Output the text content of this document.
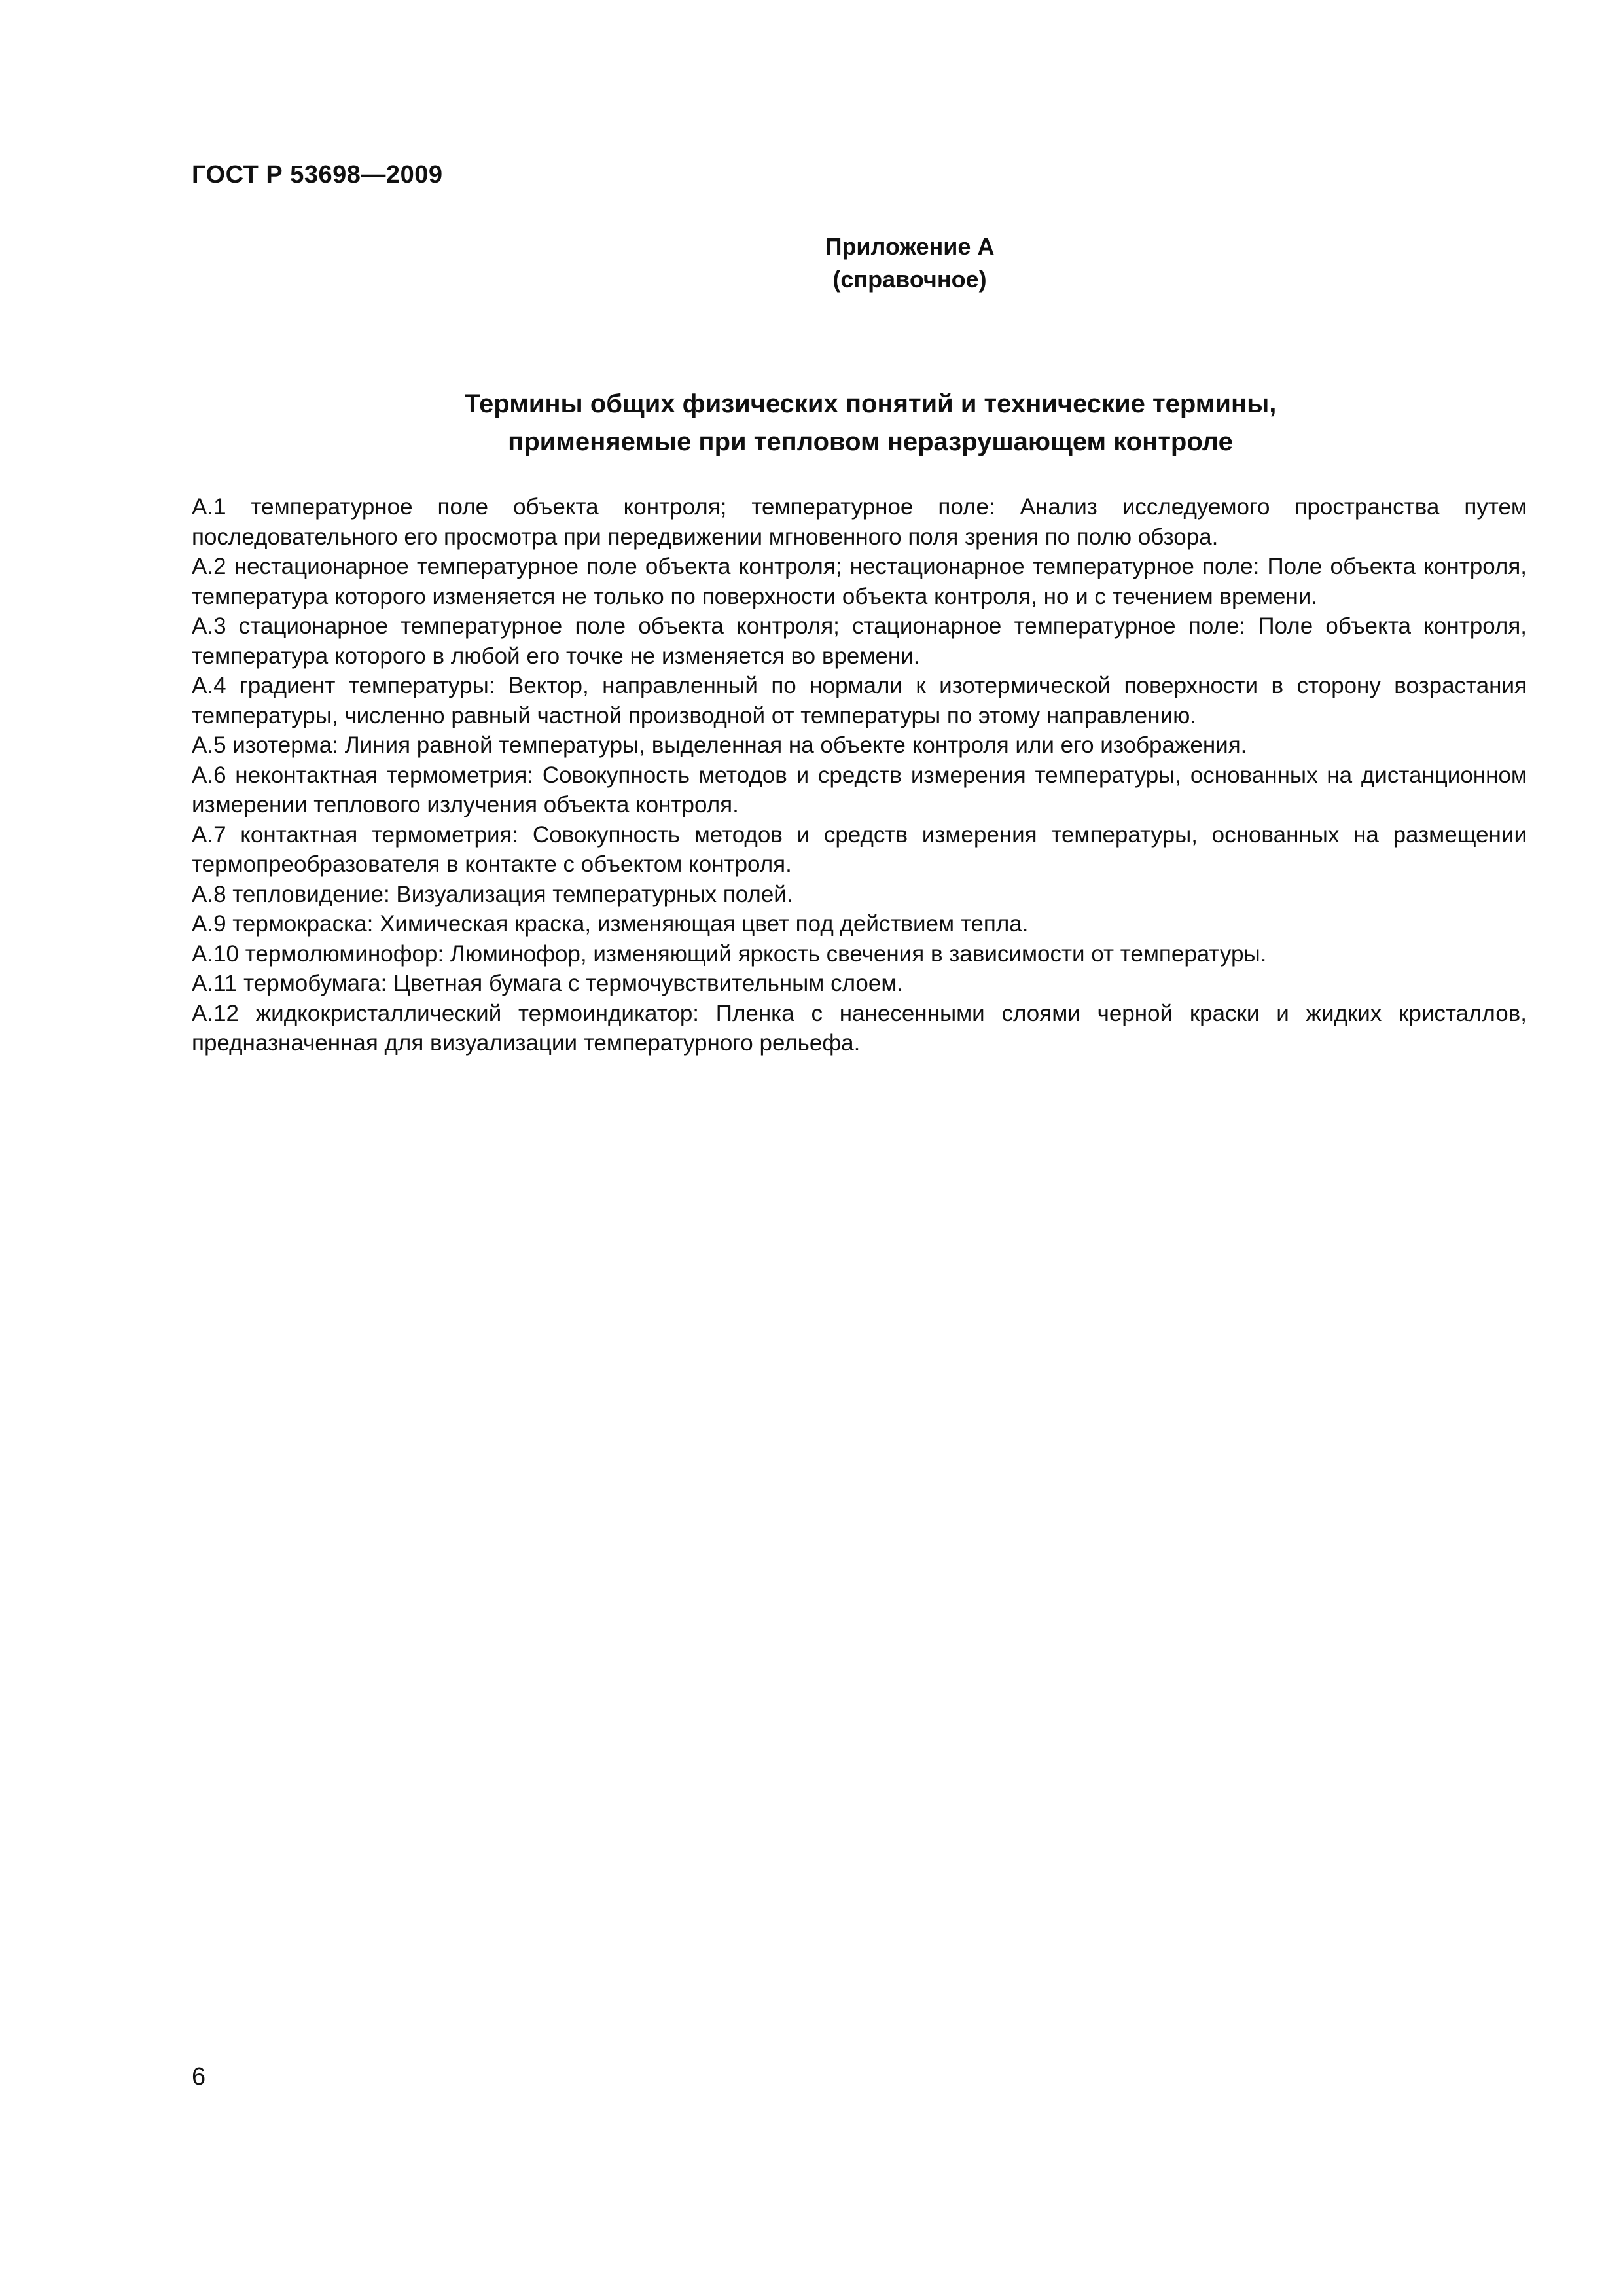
ГОСТ Р 53698—2009
Приложение А
(справочное)
Термины общих физических понятий и технические термины,
применяемые при тепловом неразрушающем контроле

А.1 температурное поле объекта контроля; температурное поле: Анализ исследуемого пространства путем последовательного его просмотра при передвижении мгновенного поля зрения по полю обзора.

А.2 нестационарное температурное поле объекта контроля; нестационарное температурное поле: Поле объекта контроля, температура которого изменяется не только по поверхности объекта контроля, но и с течением времени.

А.3 стационарное температурное поле объекта контроля; стационарное температурное поле: Поле объекта контроля, температура которого в любой его точке не изменяется во времени.

А.4 градиент температуры: Вектор, направленный по нормали к изотермической поверхности в сторону возрастания температуры, численно равный частной производной от температуры по этому направлению.

А.5 изотерма: Линия равной температуры, выделенная на объекте контроля или его изображения.

А.6 неконтактная термометрия: Совокупность методов и средств измерения температуры, основанных на дистанционном измерении теплового излучения объекта контроля.

А.7 контактная термометрия: Совокупность методов и средств измерения температуры, основанных на размещении термопреобразователя в контакте с объектом контроля.

А.8 тепловидение: Визуализация температурных полей.

А.9 термокраска: Химическая краска, изменяющая цвет под действием тепла.

А.10 термолюминофор: Люминофор, изменяющий яркость свечения в зависимости от температуры.

А.11 термобумага: Цветная бумага с термочувствительным слоем.

А.12 жидкокристаллический термоиндикатор: Пленка с нанесенными слоями черной краски и жидких кристаллов, предназначенная для визуализации температурного рельефа.

6
